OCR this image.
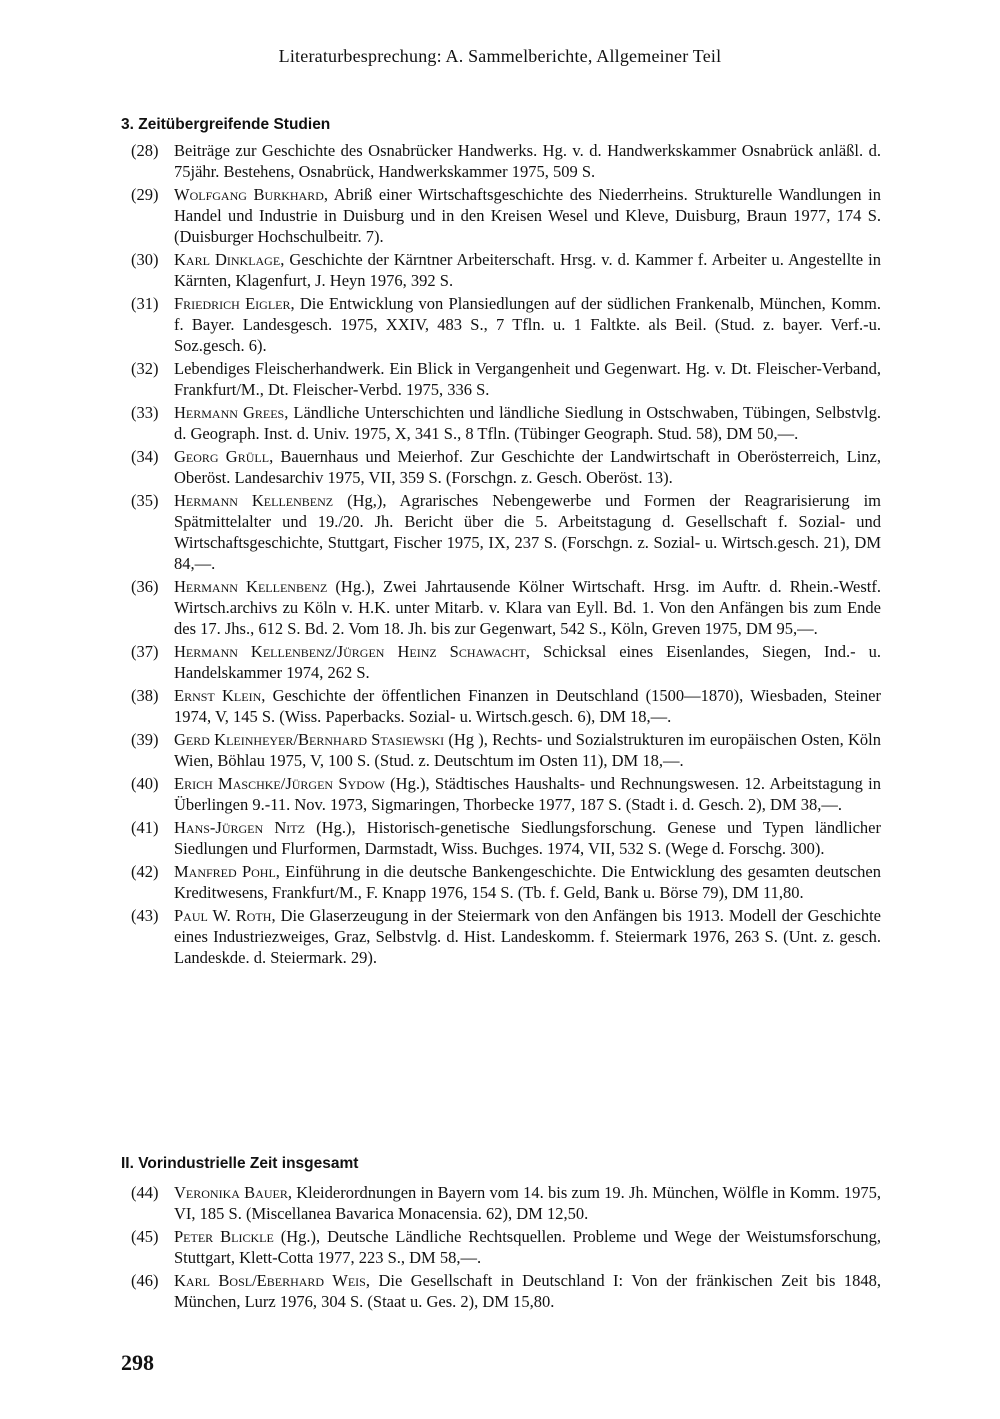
Literaturbesprechung: A. Sammelberichte, Allgemeiner Teil
3. Zeitübergreifende Studien
(28) Beiträge zur Geschichte des Osnabrücker Handwerks. Hg. v. d. Handwerkskammer Osnabrück anläßl. d. 75jähr. Bestehens, Osnabrück, Handwerkskammer 1975, 509 S.
(29) Wolfgang Burkhard, Abriß einer Wirtschaftsgeschichte des Niederrheins. Strukturelle Wandlungen in Handel und Industrie in Duisburg und in den Kreisen Wesel und Kleve, Duisburg, Braun 1977, 174 S. (Duisburger Hochschulbeitr. 7).
(30) Karl Dinklage, Geschichte der Kärntner Arbeiterschaft. Hrsg. v. d. Kammer f. Arbeiter u. Angestellte in Kärnten, Klagenfurt, J. Heyn 1976, 392 S.
(31) Friedrich Eigler, Die Entwicklung von Plansiedlungen auf der südlichen Frankenalb, München, Komm. f. Bayer. Landesgesch. 1975, XXIV, 483 S., 7 Tfln. u. 1 Faltkte. als Beil. (Stud. z. bayer. Verf.-u. Soz.gesch. 6).
(32) Lebendiges Fleischerhandwerk. Ein Blick in Vergangenheit und Gegenwart. Hg. v. Dt. Fleischer-Verband, Frankfurt/M., Dt. Fleischer-Verbd. 1975, 336 S.
(33) Hermann Grees, Ländliche Unterschichten und ländliche Siedlung in Ostschwaben, Tübingen, Selbstvlg. d. Geograph. Inst. d. Univ. 1975, X, 341 S., 8 Tfln. (Tübinger Geograph. Stud. 58), DM 50,—.
(34) Georg Grüll, Bauernhaus und Meierhof. Zur Geschichte der Landwirtschaft in Oberösterreich, Linz, Oberöst. Landesarchiv 1975, VII, 359 S. (Forschgn. z. Gesch. Oberöst. 13).
(35) Hermann Kellenbenz (Hg,), Agrarisches Nebengewerbe und Formen der Reagrarisierung im Spätmittelalter und 19./20. Jh. Bericht über die 5. Arbeitstagung d. Gesellschaft f. Sozial- und Wirtschaftsgeschichte, Stuttgart, Fischer 1975, IX, 237 S. (Forschgn. z. Sozial- u. Wirtsch.gesch. 21), DM 84,—.
(36) Hermann Kellenbenz (Hg.), Zwei Jahrtausende Kölner Wirtschaft. Hrsg. im Auftr. d. Rhein.-Westf. Wirtsch.archivs zu Köln v. H.K. unter Mitarb. v. Klara van Eyll. Bd. 1. Von den Anfängen bis zum Ende des 17. Jhs., 612 S. Bd. 2. Vom 18. Jh. bis zur Gegenwart, 542 S., Köln, Greven 1975, DM 95,—.
(37) Hermann Kellenbenz/Jürgen Heinz Schawacht, Schicksal eines Eisenlandes, Siegen, Ind.- u. Handelskammer 1974, 262 S.
(38) Ernst Klein, Geschichte der öffentlichen Finanzen in Deutschland (1500—1870), Wiesbaden, Steiner 1974, V, 145 S. (Wiss. Paperbacks. Sozial- u. Wirtsch.gesch. 6), DM 18,—.
(39) Gerd Kleinheyer/Bernhard Stasiewski (Hg ), Rechts- und Sozialstrukturen im europäischen Osten, Köln Wien, Böhlau 1975, V, 100 S. (Stud. z. Deutschtum im Osten 11), DM 18,—.
(40) Erich Maschke/Jürgen Sydow (Hg.), Städtisches Haushalts- und Rechnungswesen. 12. Arbeitstagung in Überlingen 9.-11. Nov. 1973, Sigmaringen, Thorbecke 1977, 187 S. (Stadt i. d. Gesch. 2), DM 38,—.
(41) Hans-Jürgen Nitz (Hg.), Historisch-genetische Siedlungsforschung. Genese und Typen ländlicher Siedlungen und Flurformen, Darmstadt, Wiss. Buchges. 1974, VII, 532 S. (Wege d. Forschg. 300).
(42) Manfred Pohl, Einführung in die deutsche Bankengeschichte. Die Entwicklung des gesamten deutschen Kreditwesens, Frankfurt/M., F. Knapp 1976, 154 S. (Tb. f. Geld, Bank u. Börse 79), DM 11,80.
(43) Paul W. Roth, Die Glaserzeugung in der Steiermark von den Anfängen bis 1913. Modell der Geschichte eines Industriezweiges, Graz, Selbstvlg. d. Hist. Landeskomm. f. Steiermark 1976, 263 S. (Unt. z. gesch. Landeskde. d. Steiermark. 29).
II. Vorindustrielle Zeit insgesamt
(44) Veronika Bauer, Kleiderordnungen in Bayern vom 14. bis zum 19. Jh. München, Wölfle in Komm. 1975, VI, 185 S. (Miscellanea Bavarica Monacensia. 62), DM 12,50.
(45) Peter Blickle (Hg.), Deutsche Ländliche Rechtsquellen. Probleme und Wege der Weistumsforschung, Stuttgart, Klett-Cotta 1977, 223 S., DM 58,—.
(46) Karl Bosl/Eberhard Weis, Die Gesellschaft in Deutschland I: Von der fränkischen Zeit bis 1848, München, Lurz 1976, 304 S. (Staat u. Ges. 2), DM 15,80.
298
